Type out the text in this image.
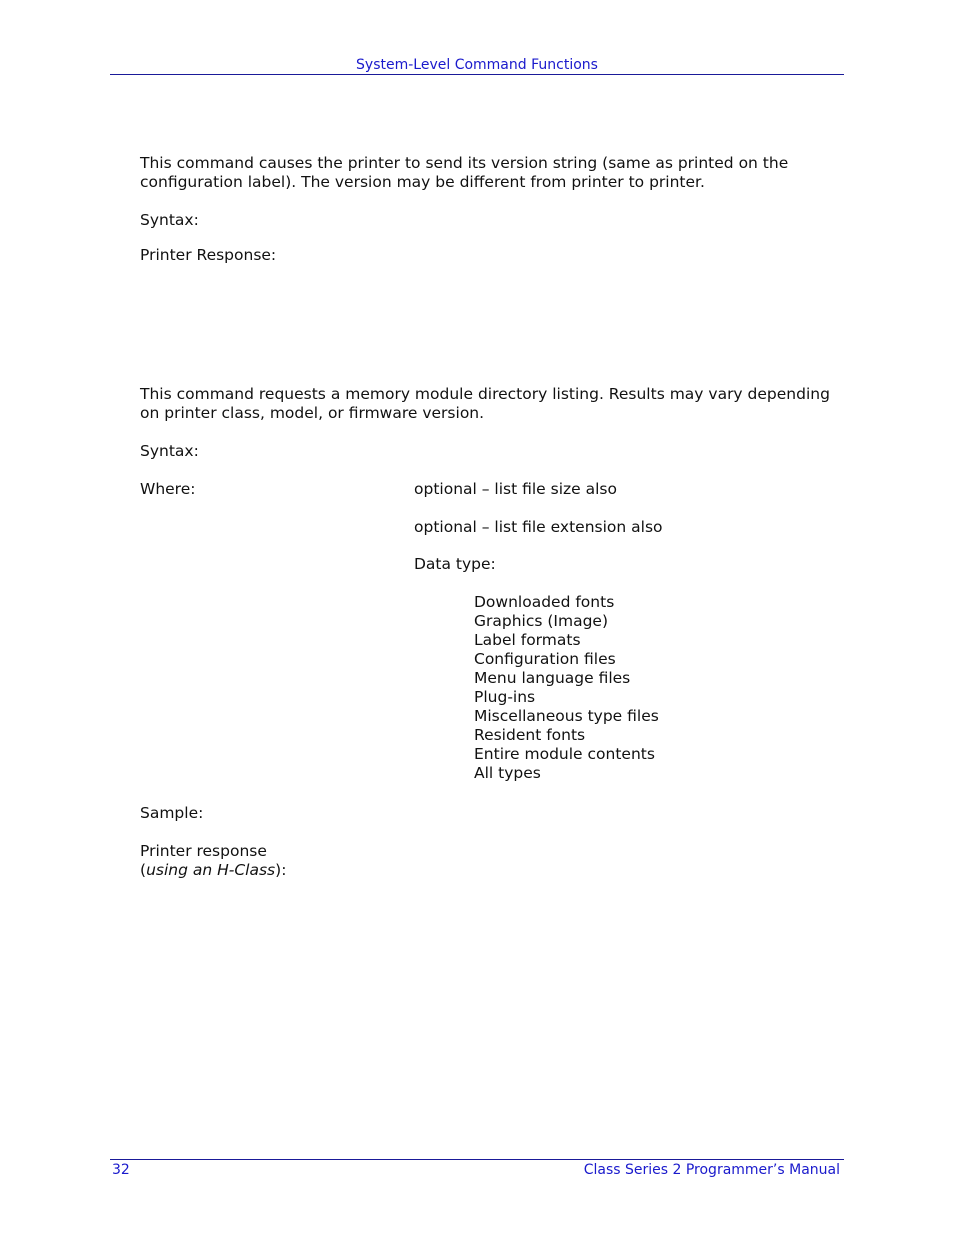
System-Level Command Functions
This command causes the printer to send its version string (same as printed on the configuration label). The version may be different from printer to printer.
Syntax:
Printer Response:
This command requests a memory module directory listing. Results may vary depending on printer class, model, or firmware version.
Syntax:
Where:	optional – list file size also
optional – list file extension also
Data type:
Downloaded fonts
Graphics (Image)
Label formats
Configuration files
Menu language files
Plug-ins
Miscellaneous type files
Resident fonts
Entire module contents
All types
Sample:
Printer response
(using an H-Class):
32	Class Series 2 Programmer’s Manual
